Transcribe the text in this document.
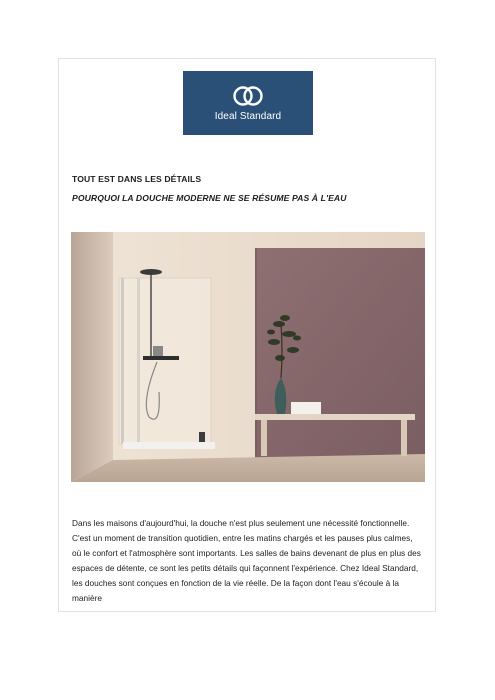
Ideal Standard
TOUT EST DANS LES DÉTAILS
POURQUOI LA DOUCHE MODERNE NE SE RÉSUME PAS À L'EAU

Dans les maisons d'aujourd'hui, la douche n'est plus seulement une nécessité fonctionnelle. C'est un moment de transition quotidien, entre les matins chargés et les pauses plus calmes, où le confort et l'atmosphère sont importants. Les salles de bains devenant de plus en plus des espaces de détente, ce sont les petits détails qui façonnent l'expérience. Chez Ideal Standard, les douches sont conçues en fonction de la vie réelle. De la façon dont l'eau s'écoule à la manière
